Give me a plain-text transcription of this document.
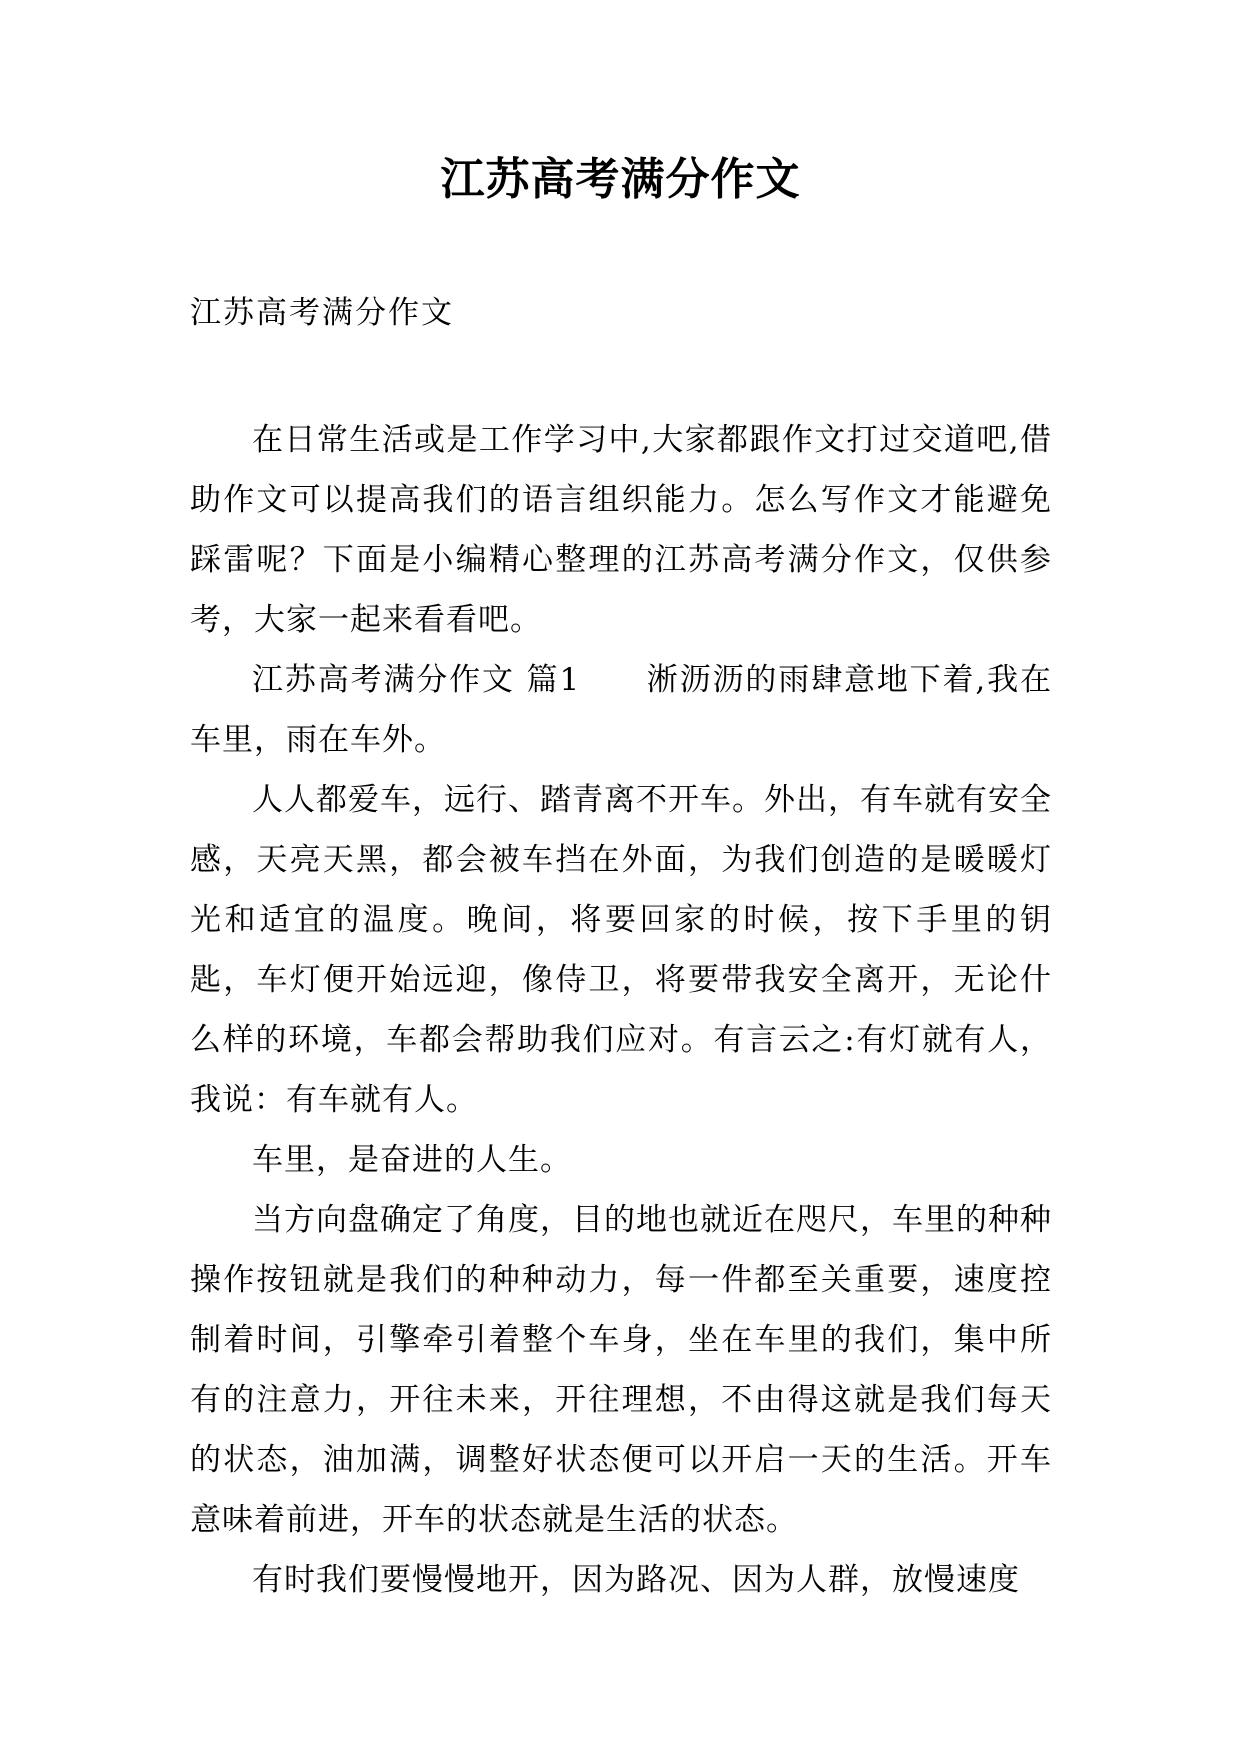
江苏高考满分作文
江苏高考满分作文

在日常生活或是工作学习中,大家都跟作文打过交道吧,借助作文可以提高我们的语言组织能力。怎么写作文才能避免踩雷呢？下面是小编精心整理的江苏高考满分作文，仅供参考，大家一起来看看吧。

江苏高考满分作文 篇1　　淅沥沥的雨肆意地下着,我在车里，雨在车外。

人人都爱车，远行、踏青离不开车。外出，有车就有安全感，天亮天黑，都会被车挡在外面，为我们创造的是暖暖灯光和适宜的温度。晚间，将要回家的时候，按下手里的钥匙，车灯便开始远迎，像侍卫，将要带我安全离开，无论什么样的环境，车都会帮助我们应对。有言云之:有灯就有人，我说：有车就有人。

车里，是奋进的人生。

当方向盘确定了角度，目的地也就近在咫尺，车里的种种操作按钮就是我们的种种动力，每一件都至关重要，速度控制着时间，引擎牵引着整个车身，坐在车里的我们，集中所有的注意力，开往未来，开往理想，不由得这就是我们每天的状态，油加满，调整好状态便可以开启一天的生活。开车意味着前进，开车的状态就是生活的状态。

有时我们要慢慢地开，因为路况、因为人群，放慢速度
